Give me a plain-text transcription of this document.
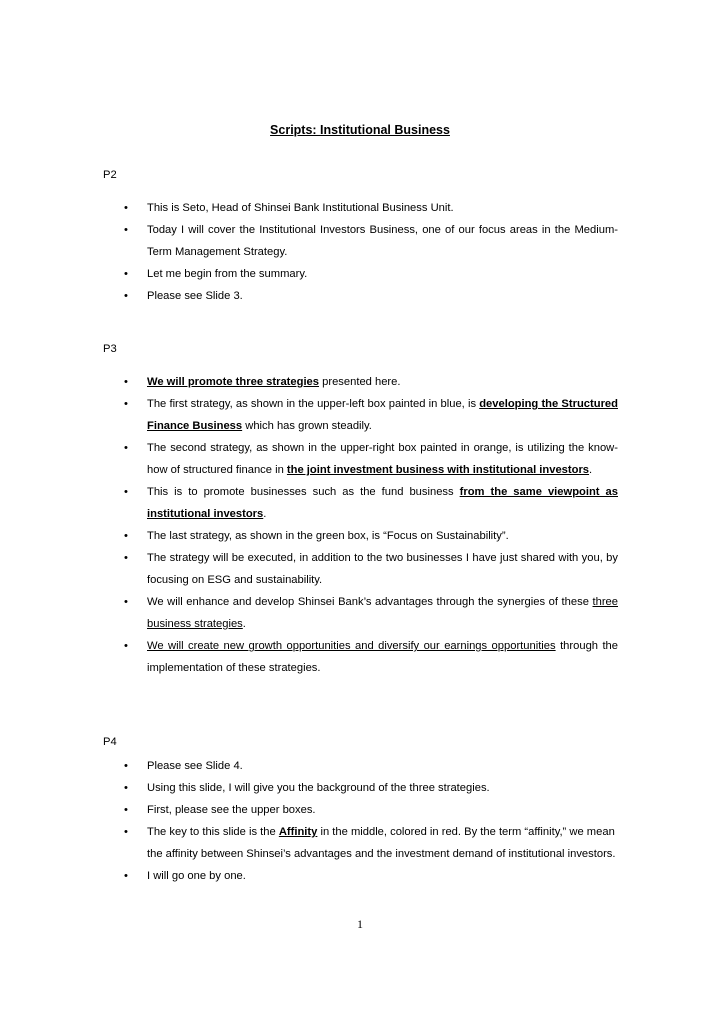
Scripts: Institutional Business

P2

• This is Seto, Head of Shinsei Bank Institutional Business Unit.
• Today I will cover the Institutional Investors Business, one of our focus areas in the Medium-Term Management Strategy.
• Let me begin from the summary.
• Please see Slide 3.

P3

• We will promote three strategies presented here.
• The first strategy, as shown in the upper-left box painted in blue, is developing the Structured Finance Business which has grown steadily.
• The second strategy, as shown in the upper-right box painted in orange, is utilizing the know-how of structured finance in the joint investment business with institutional investors.
• This is to promote businesses such as the fund business from the same viewpoint as institutional investors.
• The last strategy, as shown in the green box, is “Focus on Sustainability”.
• The strategy will be executed, in addition to the two businesses I have just shared with you, by focusing on ESG and sustainability.
• We will enhance and develop Shinsei Bank’s advantages through the synergies of these three business strategies.
• We will create new growth opportunities and diversify our earnings opportunities through the implementation of these strategies.

P4

• Please see Slide 4.
• Using this slide, I will give you the background of the three strategies.
• First, please see the upper boxes.
• The key to this slide is the Affinity in the middle, colored in red. By the term “affinity,” we mean the affinity between Shinsei’s advantages and the investment demand of institutional investors.
• I will go one by one.
1
